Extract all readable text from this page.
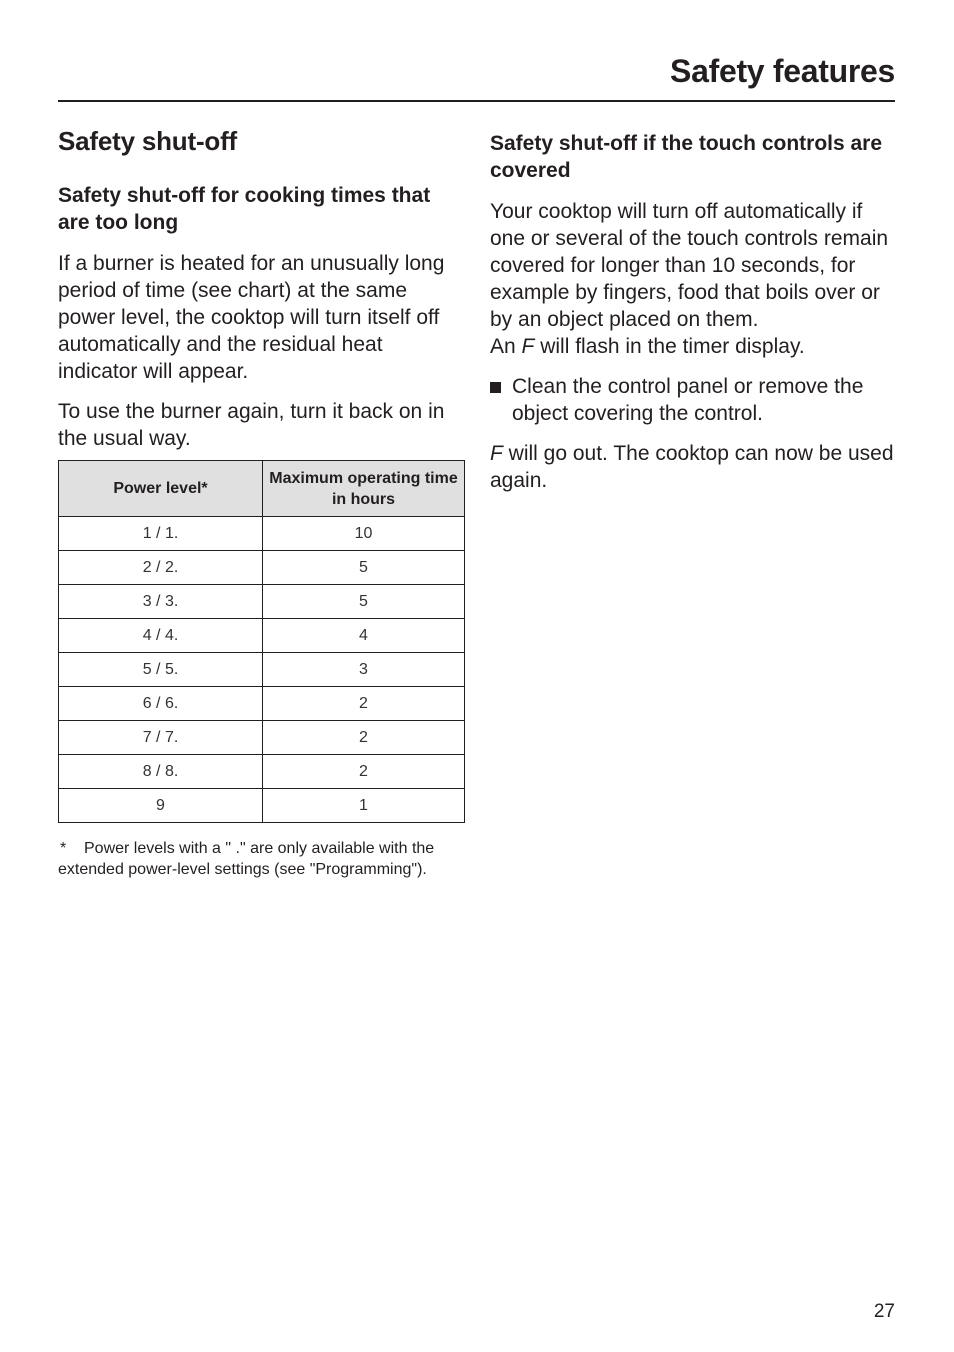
Safety features
Safety shut-off
Safety shut-off for cooking times that are too long

If a burner is heated for an unusually long period of time (see chart) at the same power level, the cooktop will turn itself off automatically and the residual heat indicator will appear.

To use the burner again, turn it back on in the usual way.

Power level*	Maximum operating time in hours
1 / 1.	10
2 / 2.	5
3 / 3.	5
4 / 4.	4
5 / 5.	3
6 / 6.	2
7 / 7.	2
8 / 8.	2
9	1
* Power levels with a " ." are only available with the extended power-level settings (see "Programming").
Safety shut-off if the touch controls are covered

Your cooktop will turn off automatically if one or several of the touch controls remain covered for longer than 10 seconds, for example by fingers, food that boils over or by an object placed on them.

An F will flash in the timer display.

Clean the control panel or remove the object covering the control.

F will go out. The cooktop can now be used again.

27
